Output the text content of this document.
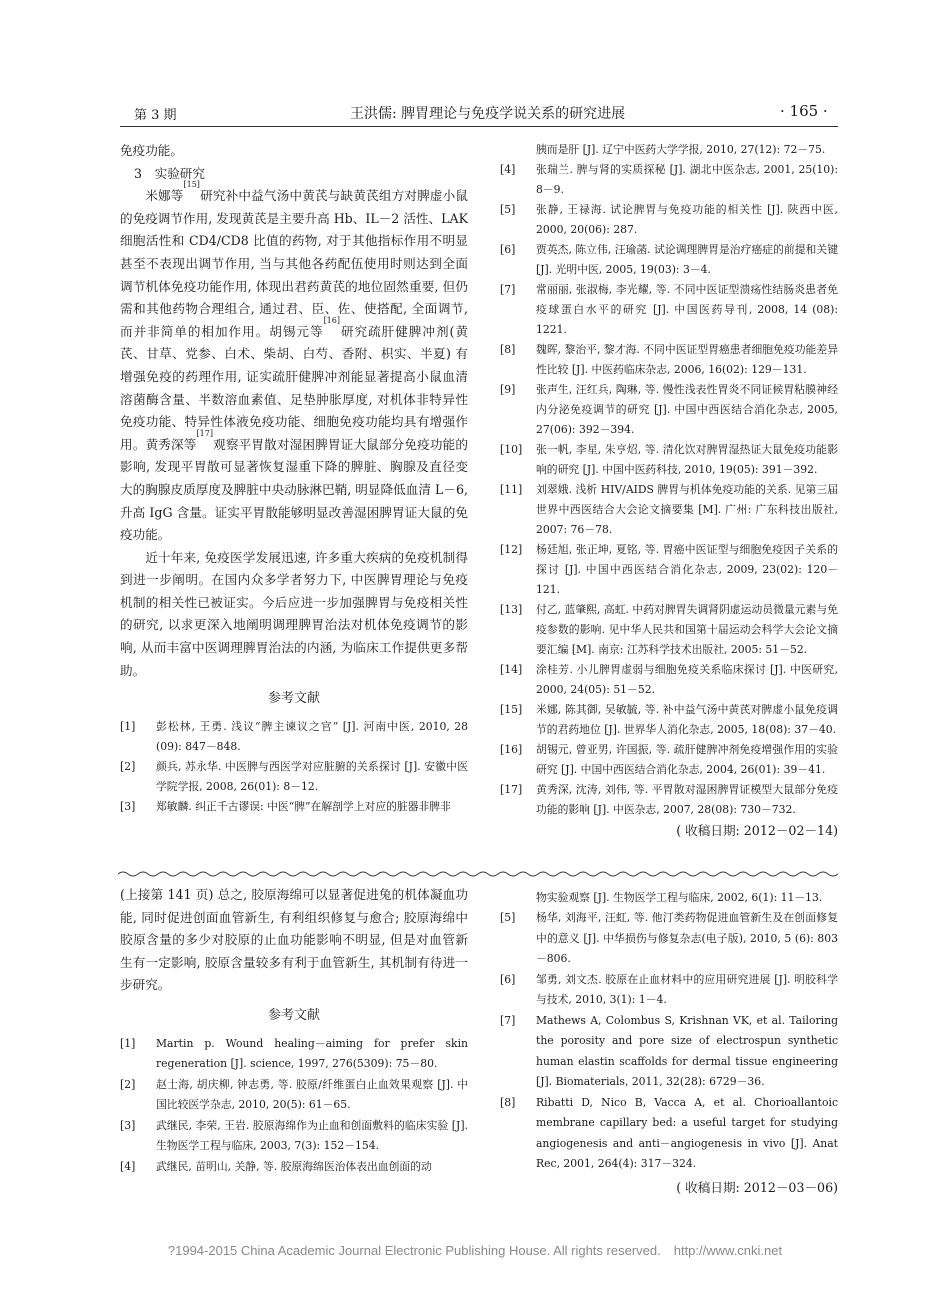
第 3 期	王洪儒: 脾胃理论与免疫学说关系的研究进展	· 165 ·

免疫功能。

3　实验研究

米娜等[15]研究补中益气汤中黄芪与缺黄芪组方对脾虚小鼠的免疫调节作用, 发现黄芪是主要升高 Hb、IL－2 活性、LAK 细胞活性和 CD4/CD8 比值的药物, 对于其他指标作用不明显甚至不表现出调节作用, 当与其他各药配伍使用时则达到全面调节机体免疫功能作用, 体现出君药黄芪的地位固然重要, 但仍需和其他药物合理组合, 通过君、臣、佐、使搭配, 全面调节, 而并非简单的相加作用。胡锡元等[16]研究疏肝健脾冲剂(黄芪、甘草、党参、白术、柴胡、白芍、香附、枳实、半夏) 有增强免疫的药理作用, 证实疏肝健脾冲剂能显著提高小鼠血清溶菌酶含量、半数溶血素值、足垫肿胀厚度, 对机体非特异性免疫功能、特异性体液免疫功能、细胞免疫功能均具有增强作用。黄秀深等[17]观察平胃散对湿困脾胃证大鼠部分免疫功能的影响, 发现平胃散可显著恢复湿重下降的脾脏、胸腺及直径变大的胸腺皮质厚度及脾脏中央动脉淋巴鞘, 明显降低血清 L－6, 升高 IgG 含量。证实平胃散能够明显改善湿困脾胃证大鼠的免疫功能。

近十年来, 免疫医学发展迅速, 许多重大疾病的免疫机制得到进一步阐明。在国内众多学者努力下, 中医脾胃理论与免疫机制的相关性已被证实。今后应进一步加强脾胃与免疫相关性的研究, 以求更深入地阐明调理脾胃治法对机体免疫调节的影响, 从而丰富中医调理脾胃治法的内涵, 为临床工作提供更多帮助。

参考文献
[1] 彭松林, 王勇. 浅议“脾主谏议之官” [J]. 河南中医, 2010, 28 (09): 847－848.
[2] 颜兵, 苏永华. 中医脾与西医学对应脏腑的关系探讨 [J]. 安徽中医学院学报, 2008, 26(01): 8－12.
[3] 郑敏麟. 纠正千古谬误: 中医“脾”在解剖学上对应的脏器非脾非
胰而是肝 [J]. 辽宁中医药大学学报, 2010, 27(12): 72－75.
[4] 张瑞兰. 脾与肾的实质探秘 [J]. 湖北中医杂志, 2001, 25(10): 8－9.
[5] 张静, 王禄海. 试论脾胃与免疫功能的相关性 [J]. 陕西中医, 2000, 20(06): 287.
[6] 贾英杰, 陈立伟, 汪瑜菡. 试论调理脾胃是治疗癌症的前提和关键 [J]. 光明中医, 2005, 19(03): 3－4.
[7] 常丽丽, 张淑梅, 李光耀, 等. 不同中医证型溃疡性结肠炎患者免疫球蛋白水平的研究 [J]. 中国医药导刊, 2008, 14 (08): 1221.
[8] 魏晖, 黎治平, 黎才海. 不同中医证型胃癌患者细胞免疫功能差异性比较 [J]. 中医药临床杂志, 2006, 16(02): 129－131.
[9] 张声生, 汪红兵, 陶琳, 等. 慢性浅表性胃炎不同证候胃粘膜神经内分泌免疫调节的研究 [J]. 中国中西医结合消化杂志, 2005, 27(06): 392－394.
[10] 张一帆, 李星, 朱亨炤, 等. 清化饮对脾胃湿热证大鼠免疫功能影响的研究 [J]. 中国中医药科技, 2010, 19(05): 391－392.
[11] 刘翠娥. 浅析 HIV/AIDS 脾胃与机体免疫功能的关系. 见第三届世界中西医结合大会论文摘要集 [M]. 广州: 广东科技出版社, 2007: 76－78.
[12] 杨廷旭, 张正坤, 夏铭, 等. 胃癌中医证型与细胞免疫因子关系的探讨 [J]. 中国中西医结合消化杂志, 2009, 23(02): 120－121.
[13] 付乙, 蓝肇熙, 高虹. 中药对脾胃失调肾阴虚运动员微量元素与免疫参数的影响. 见中华人民共和国第十届运动会科学大会论文摘要汇编 [M]. 南京: 江苏科学技术出版社, 2005: 51－52.
[14] 涂桂芳. 小儿脾胃虚弱与细胞免疫关系临床探讨 [J]. 中医研究, 2000, 24(05): 51－52.
[15] 米娜, 陈其御, 吴敏毓, 等. 补中益气汤中黄芪对脾虚小鼠免疫调节的君药地位 [J]. 世界华人消化杂志, 2005, 18(08): 37－40.
[16] 胡锡元, 曾亚男, 许国振, 等. 疏肝健脾冲剂免疫增强作用的实验研究 [J]. 中国中西医结合消化杂志, 2004, 26(01): 39－41.
[17] 黄秀深, 沈涛, 刘伟, 等. 平胃散对湿困脾胃证模型大鼠部分免疫功能的影响 [J]. 中医杂志, 2007, 28(08): 730－732.
( 收稿日期: 2012－02－14)

(上接第 141 页) 总之, 胶原海绵可以显著促进兔的机体凝血功能, 同时促进创面血管新生, 有利组织修复与愈合; 胶原海绵中胶原含量的多少对胶原的止血功能影响不明显, 但是对血管新生有一定影响, 胶原含量较多有利于血管新生, 其机制有待进一步研究。

参考文献
[1] Martin p. Wound healing－aiming for prefer skin regeneration [J]. science, 1997, 276(5309): 75－80.
[2] 赵士海, 胡庆柳, 钟志勇, 等. 胶原/纤维蛋白止血效果观察 [J]. 中国比较医学杂志, 2010, 20(5): 61－65.
[3] 武继民, 李荣, 王岩. 胶原海绵作为止血和创面敷料的临床实验 [J]. 生物医学工程与临床, 2003, 7(3): 152－154.
[4] 武继民, 苗明山, 关静, 等. 胶原海绵医治体表出血创面的动
物实验观察 [J]. 生物医学工程与临床, 2002, 6(1): 11－13.
[5] 杨华, 刘海平, 汪虹, 等. 他汀类药物促进血管新生及在创面修复中的意义 [J]. 中华损伤与修复杂志(电子版), 2010, 5 (6): 803－806.
[6] 邹勇, 刘文杰. 胶原在止血材料中的应用研究进展 [J]. 明胶科学与技术, 2010, 3(1): 1－4.
[7] Mathews A, Colombus S, Krishnan VK, et al. Tailoring the porosity and pore size of electrospun synthetic human elastin scaffolds for dermal tissue engineering [J]. Biomaterials, 2011, 32(28): 6729－36.
[8] Ribatti D, Nico B, Vacca A, et al. Chorioallantoic membrane capillary bed: a useful target for studying angiogenesis and anti－angiogenesis in vivo [J]. Anat Rec, 2001, 264(4): 317－324.
( 收稿日期: 2012－03－06)
?1994-2015 China Academic Journal Electronic Publishing House. All rights reserved.　http://www.cnki.net
